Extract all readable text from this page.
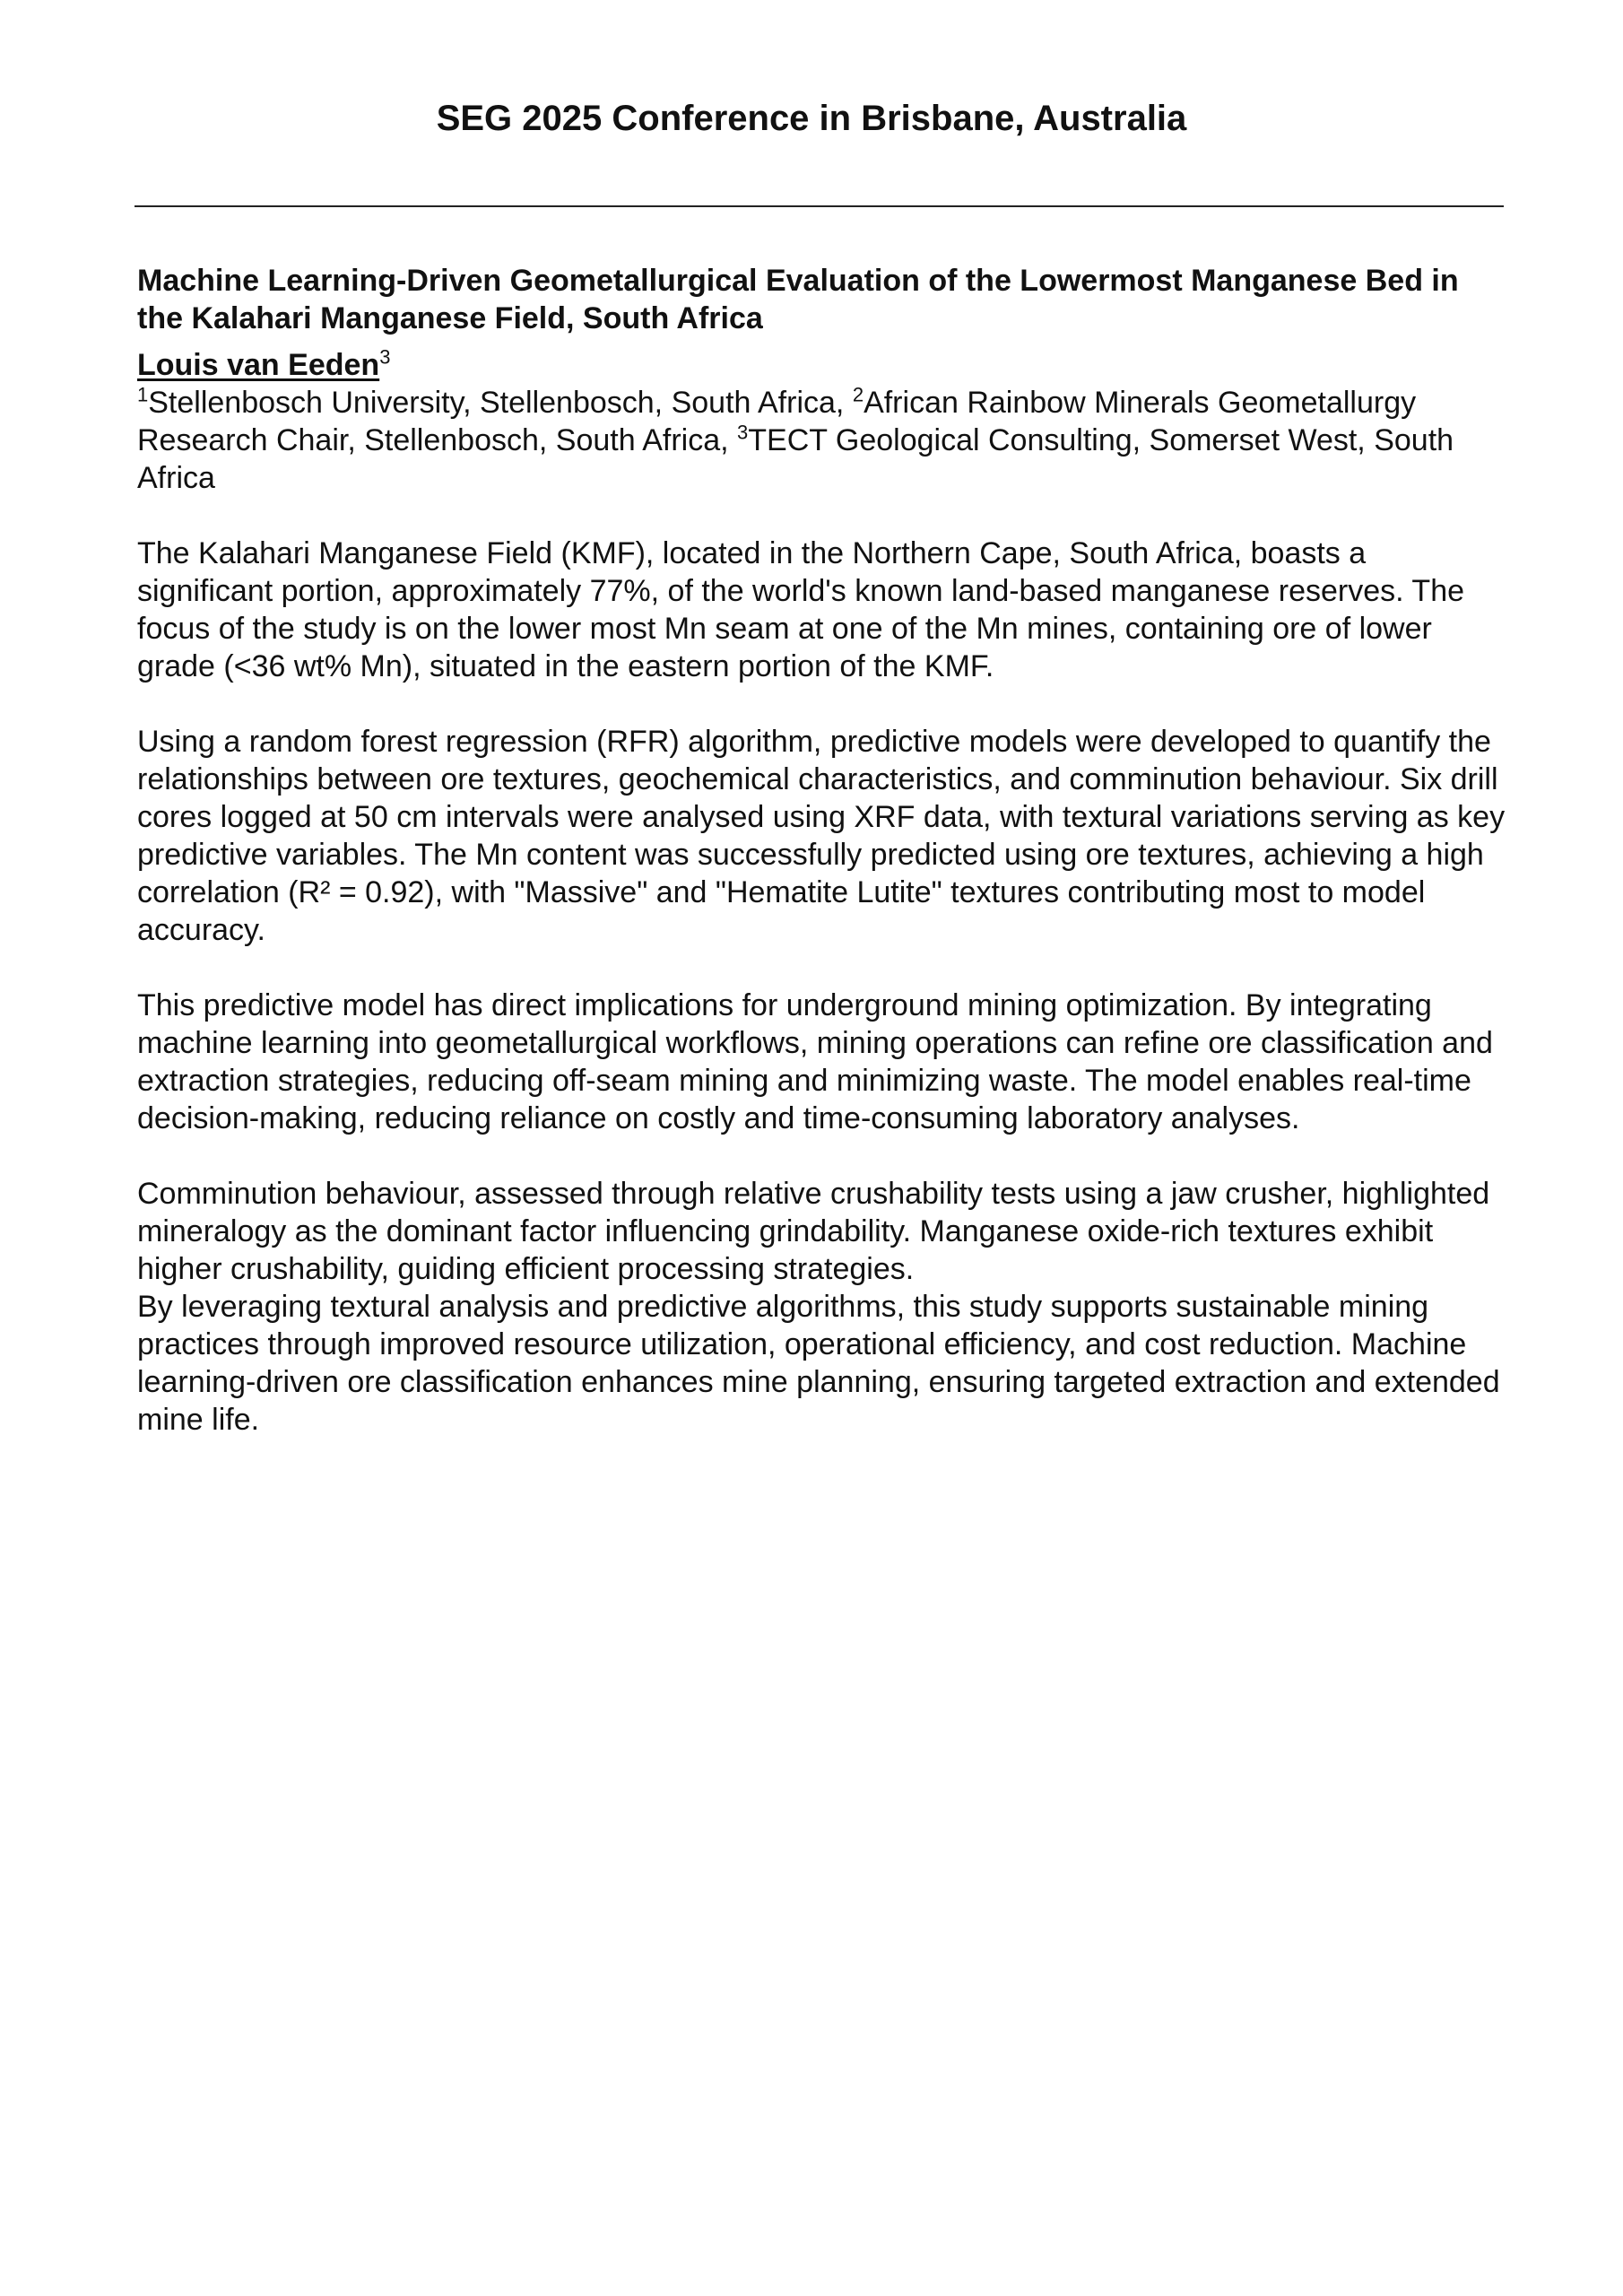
SEG 2025 Conference in Brisbane, Australia
Machine Learning-Driven Geometallurgical Evaluation of the Lowermost Manganese Bed in the Kalahari Manganese Field, South Africa

Louis van Eeden$^3$

$^1$Stellenbosch University, Stellenbosch, South Africa, $^2$African Rainbow Minerals Geometallurgy Research Chair, Stellenbosch, South Africa, $^3$TECT Geological Consulting, Somerset West, South Africa

The Kalahari Manganese Field (KMF), located in the Northern Cape, South Africa, boasts a significant portion, approximately 77%, of the world's known land-based manganese reserves. The focus of the study is on the lower most Mn seam at one of the Mn mines, containing ore of lower grade (<36 wt% Mn), situated in the eastern portion of the KMF.

Using a random forest regression (RFR) algorithm, predictive models were developed to quantify the relationships between ore textures, geochemical characteristics, and comminution behaviour. Six drill cores logged at 50 cm intervals were analysed using XRF data, with textural variations serving as key predictive variables. The Mn content was successfully predicted using ore textures, achieving a high correlation (R² = 0.92), with "Massive" and "Hematite Lutite" textures contributing most to model accuracy.

This predictive model has direct implications for underground mining optimization. By integrating machine learning into geometallurgical workflows, mining operations can refine ore classification and extraction strategies, reducing off-seam mining and minimizing waste. The model enables real-time decision-making, reducing reliance on costly and time-consuming laboratory analyses.

Comminution behaviour, assessed through relative crushability tests using a jaw crusher, highlighted mineralogy as the dominant factor influencing grindability. Manganese oxide-rich textures exhibit higher crushability, guiding efficient processing strategies.

By leveraging textural analysis and predictive algorithms, this study supports sustainable mining practices through improved resource utilization, operational efficiency, and cost reduction. Machine learning-driven ore classification enhances mine planning, ensuring targeted extraction and extended mine life.
